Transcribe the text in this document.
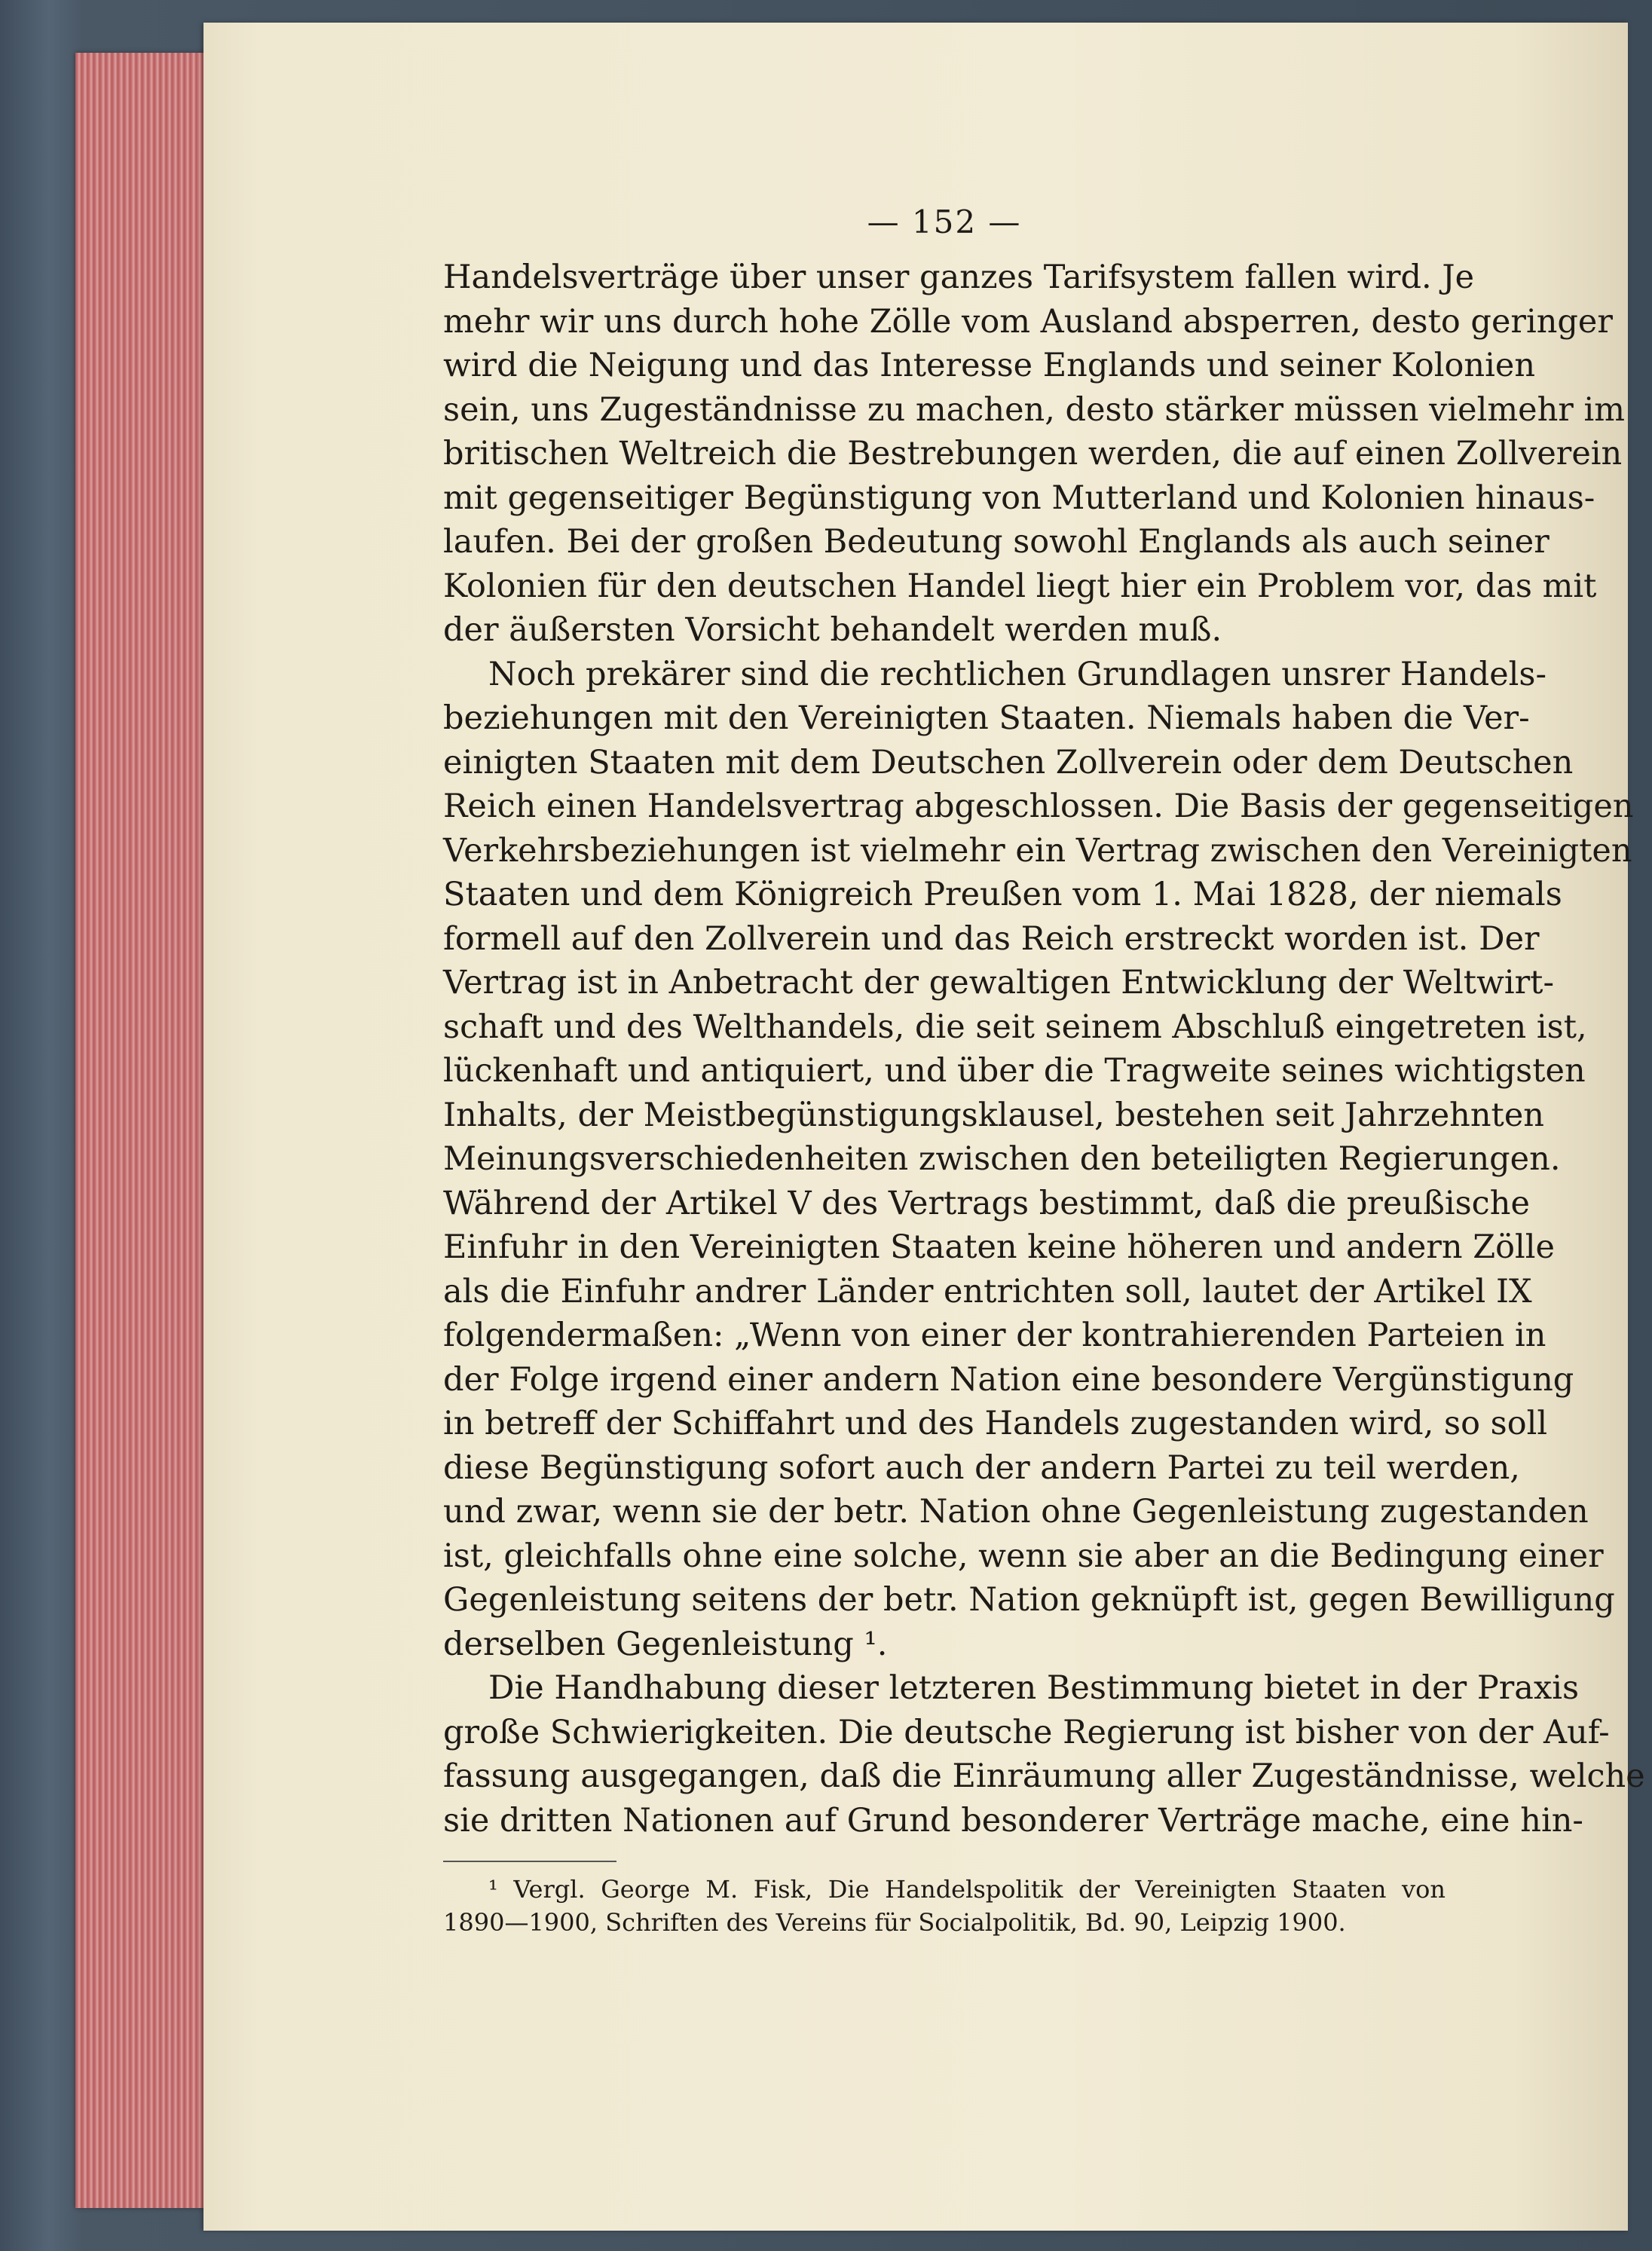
— 152 —
Handelsverträge über unser ganzes Tarifsystem fallen wird. Je
mehr wir uns durch hohe Zölle vom Ausland absperren, desto geringer
wird die Neigung und das Interesse Englands und seiner Kolonien
sein, uns Zugeständnisse zu machen, desto stärker müssen vielmehr im
britischen Weltreich die Bestrebungen werden, die auf einen Zollverein
mit gegenseitiger Begünstigung von Mutterland und Kolonien hinaus-
laufen. Bei der großen Bedeutung sowohl Englands als auch seiner
Kolonien für den deutschen Handel liegt hier ein Problem vor, das mit
der äußersten Vorsicht behandelt werden muß.
Noch prekärer sind die rechtlichen Grundlagen unsrer Handels-
beziehungen mit den Vereinigten Staaten. Niemals haben die Ver-
einigten Staaten mit dem Deutschen Zollverein oder dem Deutschen
Reich einen Handelsvertrag abgeschlossen. Die Basis der gegenseitigen
Verkehrsbeziehungen ist vielmehr ein Vertrag zwischen den Vereinigten
Staaten und dem Königreich Preußen vom 1. Mai 1828, der niemals
formell auf den Zollverein und das Reich erstreckt worden ist. Der
Vertrag ist in Anbetracht der gewaltigen Entwicklung der Weltwirt-
schaft und des Welthandels, die seit seinem Abschluß eingetreten ist,
lückenhaft und antiquiert, und über die Tragweite seines wichtigsten
Inhalts, der Meistbegünstigungsklausel, bestehen seit Jahrzehnten
Meinungsverschiedenheiten zwischen den beteiligten Regierungen.
Während der Artikel V des Vertrags bestimmt, daß die preußische
Einfuhr in den Vereinigten Staaten keine höheren und andern Zölle
als die Einfuhr andrer Länder entrichten soll, lautet der Artikel IX
folgendermaßen: „Wenn von einer der kontrahierenden Parteien in
der Folge irgend einer andern Nation eine besondere Vergünstigung
in betreff der Schiffahrt und des Handels zugestanden wird, so soll
diese Begünstigung sofort auch der andern Partei zu teil werden,
und zwar, wenn sie der betr. Nation ohne Gegenleistung zugestanden
ist, gleichfalls ohne eine solche, wenn sie aber an die Bedingung einer
Gegenleistung seitens der betr. Nation geknüpft ist, gegen Bewilligung
derselben Gegenleistung ¹.
Die Handhabung dieser letzteren Bestimmung bietet in der Praxis
große Schwierigkeiten. Die deutsche Regierung ist bisher von der Auf-
fassung ausgegangen, daß die Einräumung aller Zugeständnisse, welche
sie dritten Nationen auf Grund besonderer Verträge mache, eine hin-
¹ Vergl. George M. Fisk, Die Handelspolitik der Vereinigten Staaten von
1890—1900, Schriften des Vereins für Socialpolitik, Bd. 90, Leipzig 1900.
